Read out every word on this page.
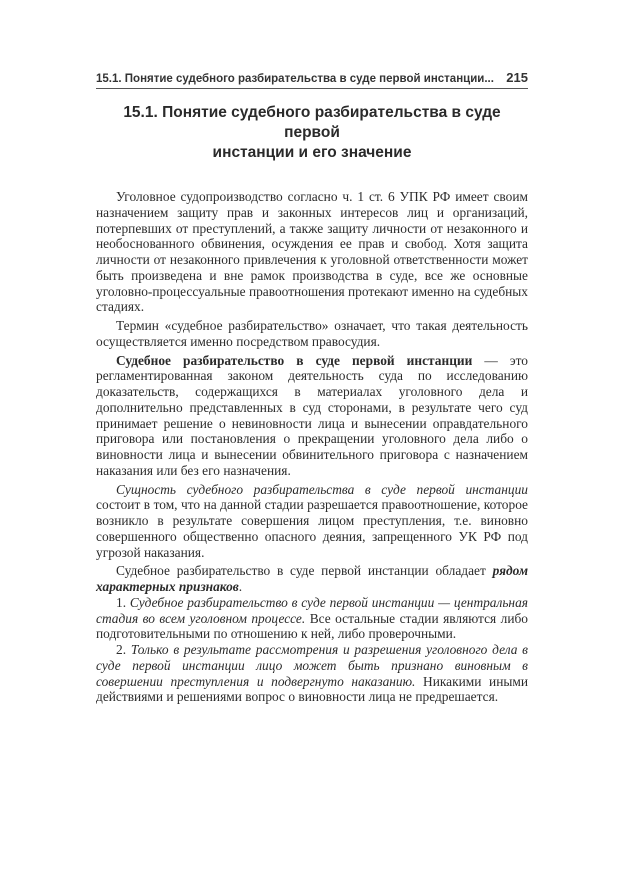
15.1. Понятие судебного разбирательства в суде первой инстанции... 215
15.1. Понятие судебного разбирательства в суде первой
инстанции и его значение

Уголовное судопроизводство согласно ч. 1 ст. 6 УПК РФ имеет своим назначением защиту прав и законных интересов лиц и организаций, потерпевших от преступлений, а также защиту личности от незаконного и необоснованного обвинения, осуждения ее прав и свобод. Хотя защита личности от незаконного привлечения к уголовной ответственности может быть произведена и вне рамок производства в суде, все же основные уголовно-процессуальные правоотношения протекают именно на судебных стадиях.

Термин «судебное разбирательство» означает, что такая деятельность осуществляется именно посредством правосудия.

Судебное разбирательство в суде первой инстанции — это регламентированная законом деятельность суда по исследованию доказательств, содержащихся в материалах уголовного дела и дополнительно представленных в суд сторонами, в результате чего суд принимает решение о невиновности лица и вынесении оправдательного приговора или постановления о прекращении уголовного дела либо о виновности лица и вынесении обвинительного приговора с назначением наказания или без его назначения.

Сущность судебного разбирательства в суде первой инстанции состоит в том, что на данной стадии разрешается правоотношение, которое возникло в результате совершения лицом преступления, т.е. виновно совершенного общественно опасного деяния, запрещенного УК РФ под угрозой наказания.

Судебное разбирательство в суде первой инстанции обладает рядом характерных признаков.

1. Судебное разбирательство в суде первой инстанции — центральная стадия во всем уголовном процессе. Все остальные стадии являются либо подготовительными по отношению к ней, либо проверочными.

2. Только в результате рассмотрения и разрешения уголовного дела в суде первой инстанции лицо может быть признано виновным в совершении преступления и подвергнуто наказанию. Никакими иными действиями и решениями вопрос о виновности лица не предрешается.
